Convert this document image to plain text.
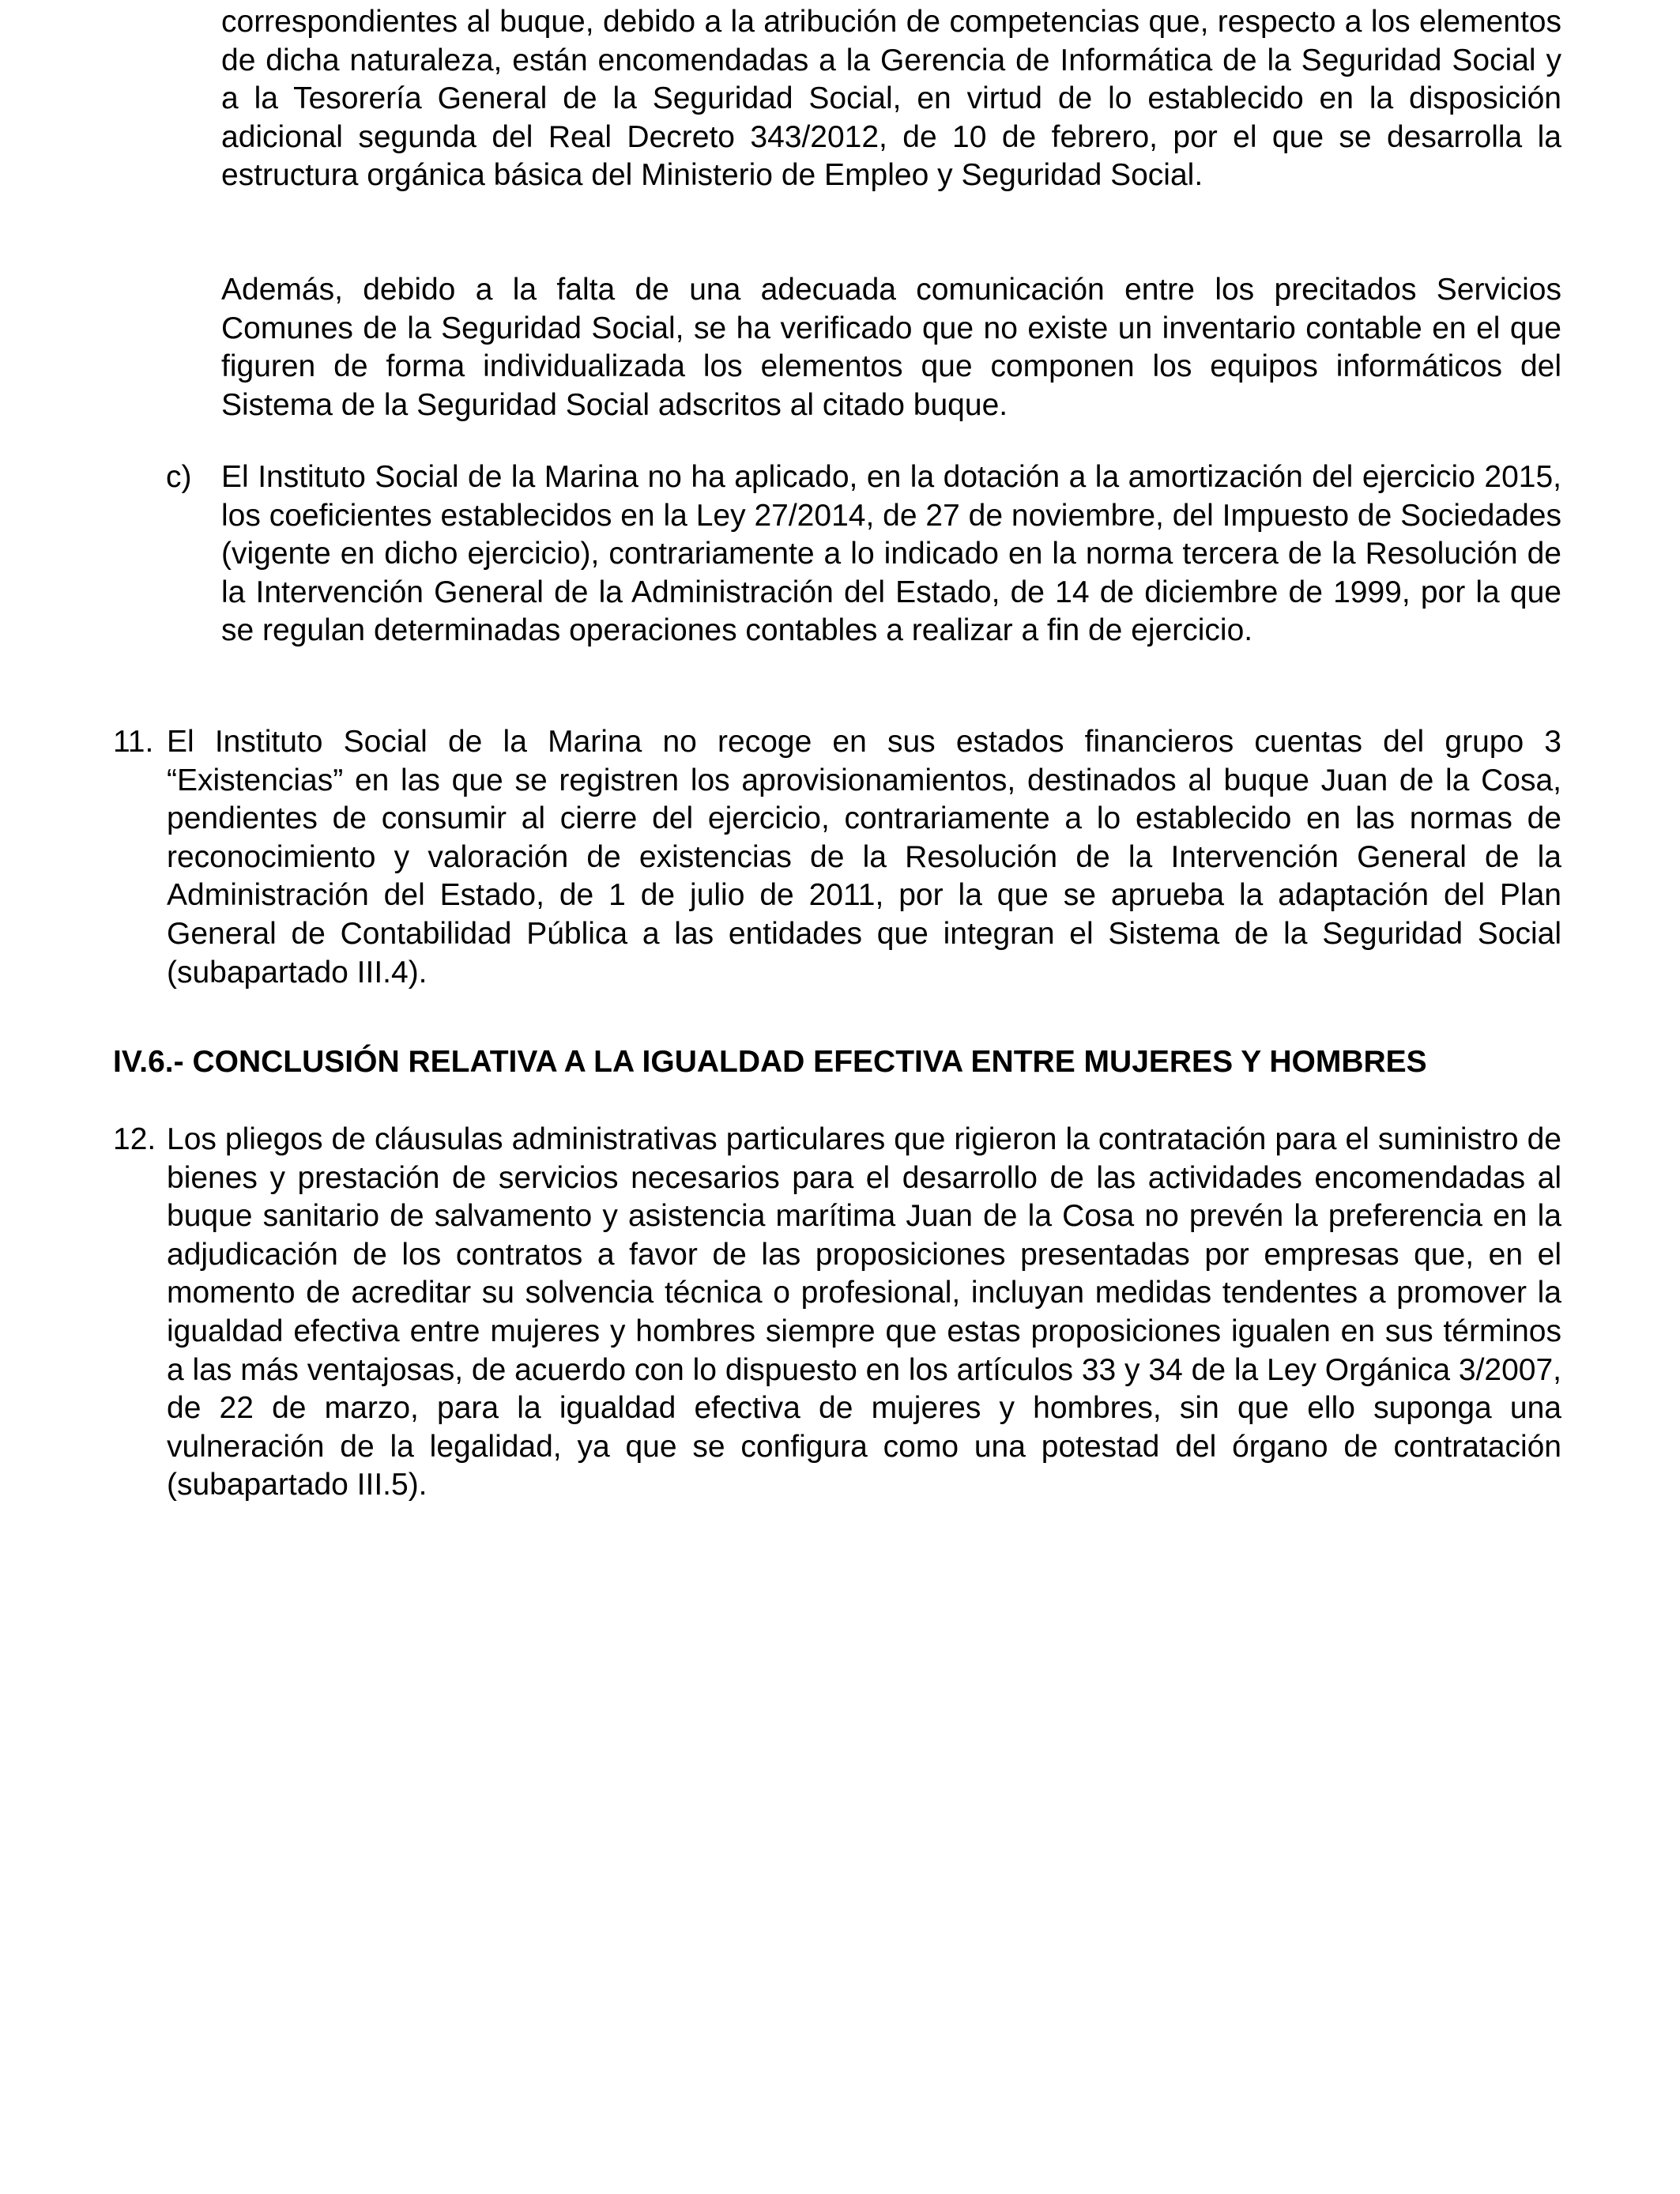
correspondientes al buque, debido a la atribución de competencias que, respecto a los elementos de dicha naturaleza, están encomendadas a la Gerencia de Informática de la Seguridad Social y a la Tesorería General de la Seguridad Social, en virtud de lo establecido en la disposición adicional segunda del Real Decreto 343/2012, de 10 de febrero, por el que se desarrolla la estructura orgánica básica del Ministerio de Empleo y Seguridad Social.

Además, debido a la falta de una adecuada comunicación entre los precitados Servicios Comunes de la Seguridad Social, se ha verificado que no existe un inventario contable en el que figuren de forma individualizada los elementos que componen los equipos informáticos del Sistema de la Seguridad Social adscritos al citado buque.

c) El Instituto Social de la Marina no ha aplicado, en la dotación a la amortización del ejercicio 2015, los coeficientes establecidos en la Ley 27/2014, de 27 de noviembre, del Impuesto de Sociedades (vigente en dicho ejercicio), contrariamente a lo indicado en la norma tercera de la Resolución de la Intervención General de la Administración del Estado, de 14 de diciembre de 1999, por la que se regulan determinadas operaciones contables a realizar a fin de ejercicio.

11. El Instituto Social de la Marina no recoge en sus estados financieros cuentas del grupo 3 “Existencias” en las que se registren los aprovisionamientos, destinados al buque Juan de la Cosa, pendientes de consumir al cierre del ejercicio, contrariamente a lo establecido en las normas de reconocimiento y valoración de existencias de la Resolución de la Intervención General de la Administración del Estado, de 1 de julio de 2011, por la que se aprueba la adaptación del Plan General de Contabilidad Pública a las entidades que integran el Sistema de la Seguridad Social (subapartado III.4).

IV.6.- CONCLUSIÓN RELATIVA A LA IGUALDAD EFECTIVA ENTRE MUJERES Y HOMBRES
12. Los pliegos de cláusulas administrativas particulares que rigieron la contratación para el suministro de bienes y prestación de servicios necesarios para el desarrollo de las actividades encomendadas al buque sanitario de salvamento y asistencia marítima Juan de la Cosa no prevén la preferencia en la adjudicación de los contratos a favor de las proposiciones presentadas por empresas que, en el momento de acreditar su solvencia técnica o profesional, incluyan medidas tendentes a promover la igualdad efectiva entre mujeres y hombres siempre que estas proposiciones igualen en sus términos a las más ventajosas, de acuerdo con lo dispuesto en los artículos 33 y 34 de la Ley Orgánica 3/2007, de 22 de marzo, para la igualdad efectiva de mujeres y hombres, sin que ello suponga una vulneración de la legalidad, ya que se configura como una potestad del órgano de contratación (subapartado III.5).
